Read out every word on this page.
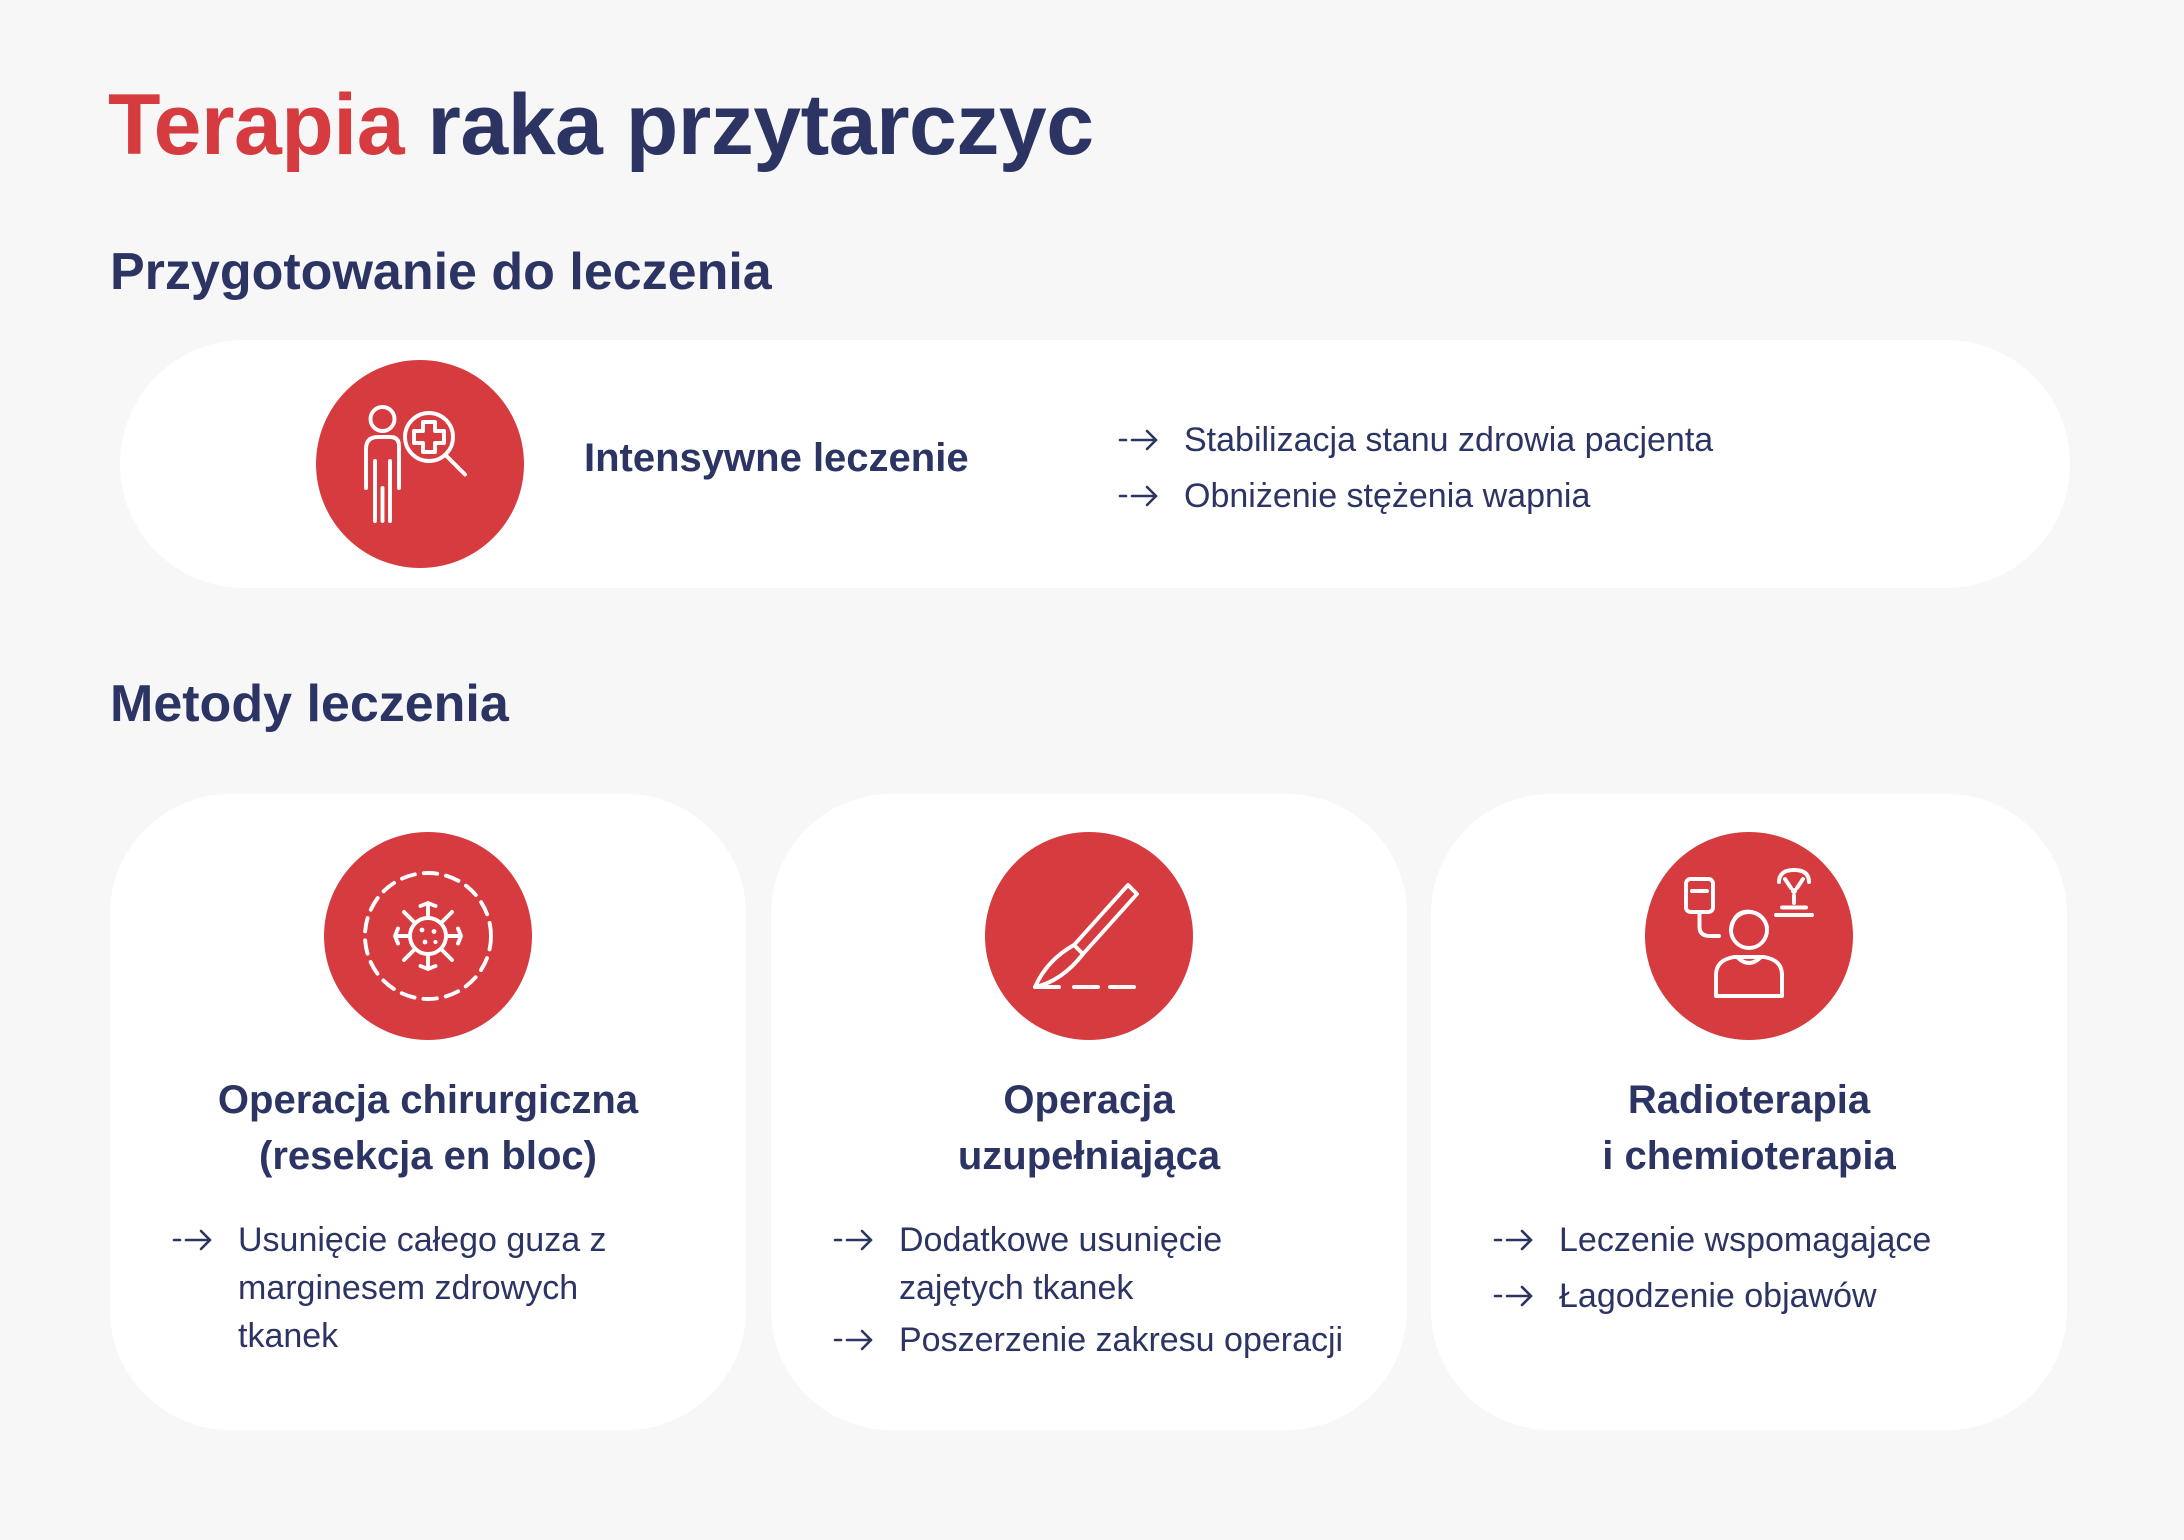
Terapia raka przytarczyc
Przygotowanie do leczenia
Intensywne leczenie	Stabilizacja stanu zdrowia pacjenta
Obniżenie stężenia wapnia
Metody leczenia
Operacja chirurgiczna
(resekcja en bloc)
Usunięcie całego guza z marginesem zdrowych tkanek
Operacja
uzupełniająca
Dodatkowe usunięcie zajętych tkanek
Poszerzenie zakresu operacji
Radioterapia
i chemioterapia
Leczenie wspomagające
Łagodzenie objawów
